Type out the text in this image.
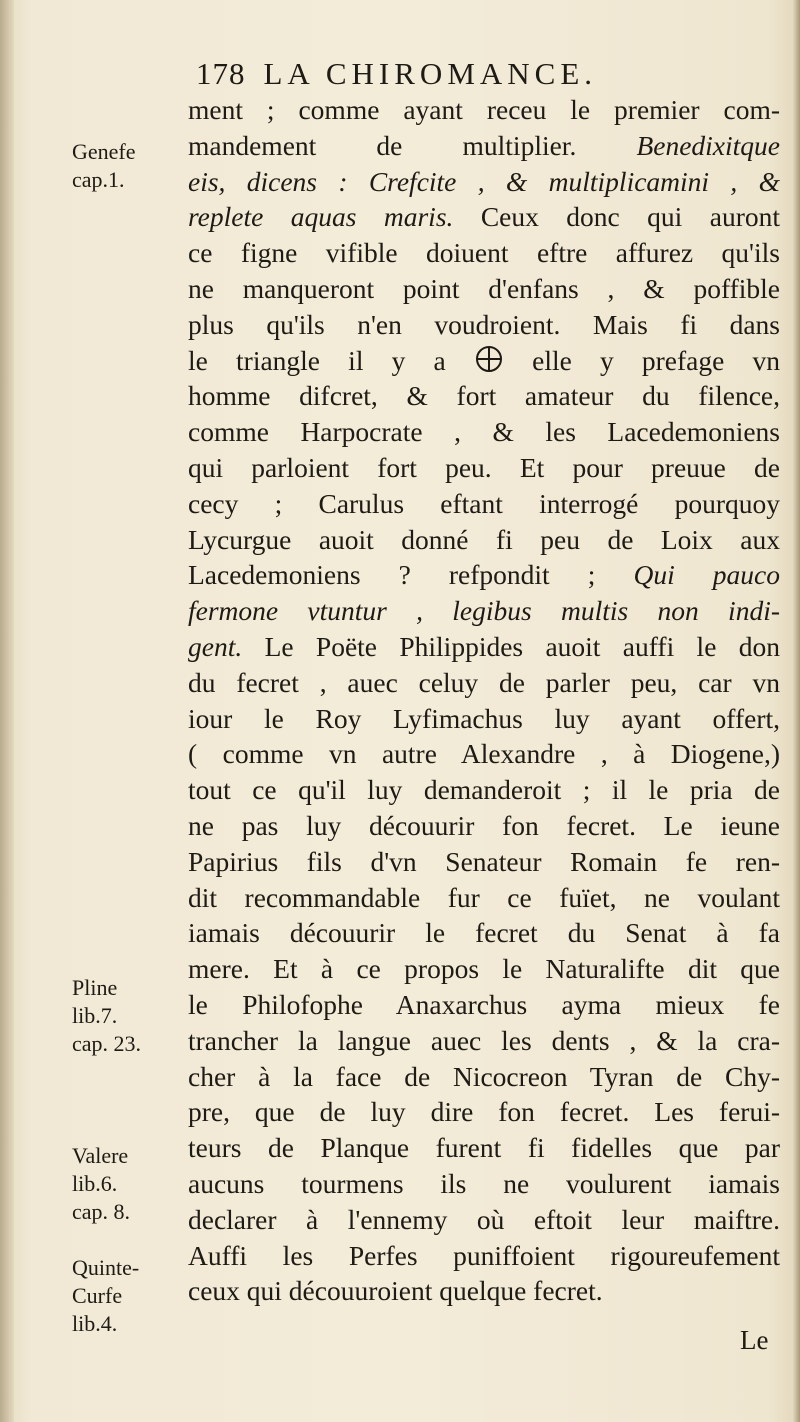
178 LA CHIROMANCE.
Genefe
cap.1.
Pline
lib.7.
cap. 23.
Valere
lib.6.
cap. 8.
Quinte-
Curfe
lib.4.
ment ; comme ayant receu le premier com-
mandement de multiplier. Benedixitque
eis, dicens : Crefcite , & multiplicamini , &
replete aquas maris. Ceux donc qui auront
ce figne vifible doiuent eftre affurez qu'ils
ne manqueront point d'enfans , & poffible
plus qu'ils n'en voudroient. Mais fi dans
le triangle il y a  elle y prefage vn
homme difcret, & fort amateur du filence,
comme Harpocrate , & les Lacedemoniens
qui parloient fort peu. Et pour preuue de
cecy ; Carulus eftant interrogé pourquoy
Lycurgue auoit donné fi peu de Loix aux
Lacedemoniens ? refpondit ; Qui pauco
fermone vtuntur , legibus multis non indi-
gent. Le Poëte Philippides auoit auffi le don
du fecret , auec celuy de parler peu, car vn
iour le Roy Lyfimachus luy ayant offert,
( comme vn autre Alexandre , à Diogene,)
tout ce qu'il luy demanderoit ; il le pria de
ne pas luy découurir fon fecret. Le ieune
Papirius fils d'vn Senateur Romain fe ren-
dit recommandable fur ce fuïet, ne voulant
iamais découurir le fecret du Senat à fa
mere. Et à ce propos le Naturalifte dit que
le Philofophe Anaxarchus ayma mieux fe
trancher la langue auec les dents , & la cra-
cher à la face de Nicocreon Tyran de Chy-
pre, que de luy dire fon fecret. Les ferui-
teurs de Planque furent fi fidelles que par
aucuns tourmens ils ne voulurent iamais
declarer à l'ennemy où eftoit leur maiftre.
Auffi les Perfes puniffoient rigoureufement
ceux qui découuroient quelque fecret.
Le
